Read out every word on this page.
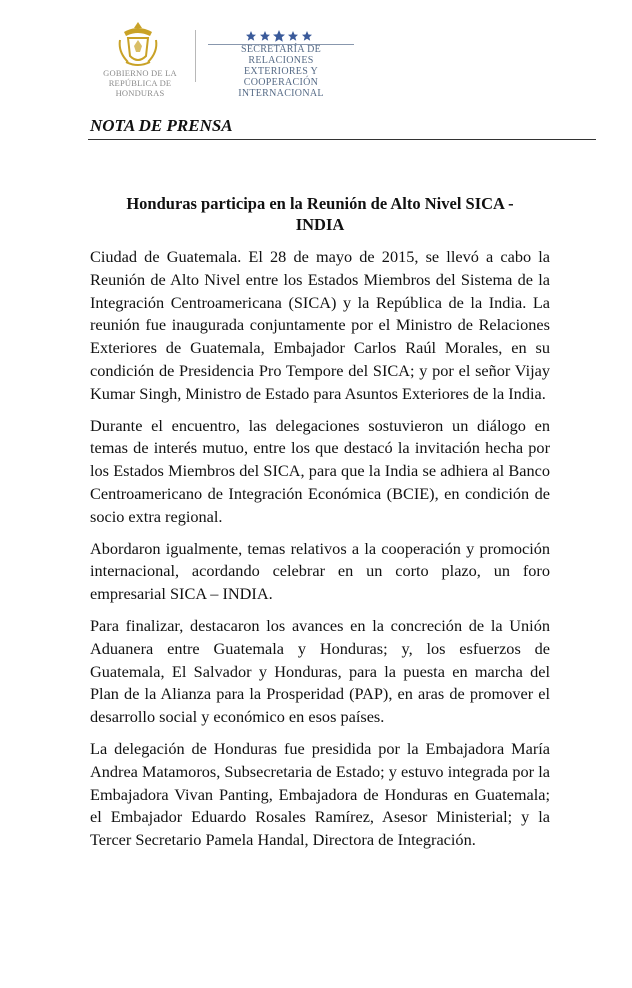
GOBIERNO DE LA
REPÚBLICA DE HONDURAS
SECRETARÍA DE RELACIONES
EXTERIORES Y COOPERACIÓN
INTERNACIONAL
NOTA DE PRENSA
Honduras participa en la Reunión de Alto Nivel SICA -
INDIA

Ciudad de Guatemala. El 28 de mayo de 2015, se llevó a cabo la Reunión de Alto Nivel entre los Estados Miembros del Sistema de la Integración Centroamericana (SICA) y la República de la India. La reunión fue inaugurada conjuntamente por el Ministro de Relaciones Exteriores de Guatemala, Embajador Carlos Raúl Morales, en su condición de Presidencia Pro Tempore del SICA; y por el señor Vijay Kumar Singh, Ministro de Estado para Asuntos Exteriores de la India.

Durante el encuentro, las delegaciones sostuvieron un diálogo en temas de interés mutuo, entre los que destacó la invitación hecha por los Estados Miembros del SICA, para que la India se adhiera al Banco Centroamericano de Integración Económica (BCIE), en condición de socio extra regional.

Abordaron igualmente, temas relativos a la cooperación y promoción internacional, acordando celebrar en un corto plazo, un foro empresarial SICA – INDIA.

Para finalizar, destacaron los avances en la concreción de la Unión Aduanera entre Guatemala y Honduras; y, los esfuerzos de Guatemala, El Salvador y Honduras, para la puesta en marcha del Plan de la Alianza para la Prosperidad (PAP), en aras de promover el desarrollo social y económico en esos países.

La delegación de Honduras fue presidida por la Embajadora María Andrea Matamoros, Subsecretaria de Estado; y estuvo integrada por la Embajadora Vivan Panting, Embajadora de Honduras en Guatemala; el Embajador Eduardo Rosales Ramírez, Asesor Ministerial; y la Tercer Secretario Pamela Handal, Directora de Integración.
